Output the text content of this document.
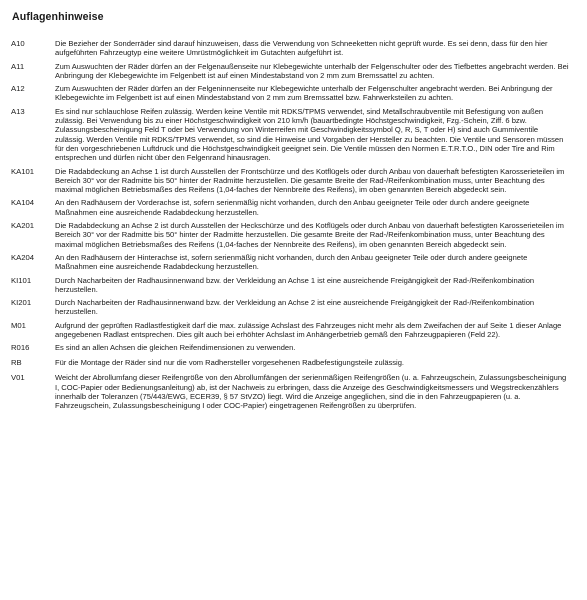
Auflagenhinweise
A10	Die Bezieher der Sonderräder sind darauf hinzuweisen, dass die Verwendung von Schneeketten nicht geprüft wurde. Es sei denn, dass für den hier aufgeführten Fahrzeugtyp eine weitere Umrüstmöglichkeit im Gutachten aufgeführt ist.
A11	Zum Auswuchten der Räder dürfen an der Felgenaußenseite nur Klebegewichte unterhalb der Felgenschulter oder des Tiefbettes angebracht werden. Bei Anbringung der Klebegewichte im Felgenbett ist auf einen Mindestabstand von 2 mm zum Bremssattel zu achten.
A12	Zum Auswuchten der Räder dürfen an der Felgeninnenseite nur Klebegewichte unterhalb der Felgenschulter angebracht werden. Bei Anbringung der Klebegewichte im Felgenbett ist auf einen Mindestabstand von 2 mm zum Bremssattel bzw. Fahrwerksteilen zu achten.
A13	Es sind nur schlauchlose Reifen zulässig. Werden keine Ventile mit RDKS/TPMS verwendet, sind Metallschraubventile mit Befestigung von außen zulässig. Bei Verwendung bis zu einer Höchstgeschwindigkeit von 210 km/h (bauartbedingte Höchstgeschwindigkeit, Fzg.-Schein, Ziff. 6 bzw. Zulassungsbescheinigung Feld T oder bei Verwendung von Winterreifen mit Geschwindigkeitssymbol Q, R, S, T oder H) sind auch Gummiventile zulässig. Werden Ventile mit RDKS/TPMS verwendet, so sind die Hinweise und Vorgaben der Hersteller zu beachten. Die Ventile und Sensoren müssen für den vorgeschriebenen Luftdruck und die Höchstgeschwindigkeit geeignet sein. Die Ventile müssen den Normen E.T.R.T.O., DIN oder Tire and Rim entsprechen und dürfen nicht über den Felgenrand hinausragen.
KA101	Die Radabdeckung an Achse 1 ist durch Ausstellen der Frontschürze und des Kotflügels oder durch Anbau von dauerhaft befestigten Karosserieteilen im Bereich 30° vor der Radmitte bis 50° hinter der Radmitte herzustellen. Die gesamte Breite der Rad-/Reifenkombination muss, unter Beachtung des maximal möglichen Betriebsmaßes des Reifens (1,04-faches der Nennbreite des Reifens), im oben genannten Bereich abgedeckt sein.
KA104	An den Radhäusern der Vorderachse ist, sofern serienmäßig nicht vorhanden, durch den Anbau geeigneter Teile oder durch andere geeignete Maßnahmen eine ausreichende Radabdeckung herzustellen.
KA201	Die Radabdeckung an Achse 2 ist durch Ausstellen der Heckschürze und des Kotflügels oder durch Anbau von dauerhaft befestigten Karosserieteilen im Bereich 30° vor der Radmitte bis 50° hinter der Radmitte herzustellen. Die gesamte Breite der Rad-/Reifenkombination muss, unter Beachtung des maximal möglichen Betriebsmaßes des Reifens (1,04-faches der Nennbreite des Reifens), im oben genannten Bereich abgedeckt sein.
KA204	An den Radhäusern der Hinterachse ist, sofern serienmäßig nicht vorhanden, durch den Anbau geeigneter Teile oder durch andere geeignete Maßnahmen eine ausreichende Radabdeckung herzustellen.
KI101	Durch Nacharbeiten der Radhausinnenwand bzw. der Verkleidung an Achse 1 ist eine ausreichende Freigängigkeit der Rad-/Reifenkombination herzustellen.
KI201	Durch Nacharbeiten der Radhausinnenwand bzw. der Verkleidung an Achse 2 ist eine ausreichende Freigängigkeit der Rad-/Reifenkombination herzustellen.
M01	Aufgrund der geprüften Radlastfestigkeit darf die max. zulässige Achslast des Fahrzeuges nicht mehr als dem Zweifachen der auf Seite 1 dieser Anlage angegebenen Radlast entsprechen. Dies gilt auch bei erhöhter Achslast im Anhängerbetrieb gemäß den Fahrzeugpapieren (Feld 22).
R016	Es sind an allen Achsen die gleichen Reifendimensionen zu verwenden.
RB	Für die Montage der Räder sind nur die vom Radhersteller vorgesehenen Radbefestigungsteile zulässig.
V01	Weicht der Abrollumfang dieser Reifengröße von den Abrollumfängen der serienmäßigen Reifengrößen (u. a. Fahrzeugschein, Zulassungsbescheinigung I, COC-Papier oder Bedienungsanleitung) ab, ist der Nachweis zu erbringen, dass die Anzeige des Geschwindigkeitsmessers und Wegstreckenzählers innerhalb der Toleranzen (75/443/EWG, ECER39, § 57 StVZO) liegt. Wird die Anzeige angeglichen, sind die in den Fahrzeugpapieren (u. a. Fahrzeugschein, Zulassungsbescheinigung I oder COC-Papier) eingetragenen Reifengrößen zu überprüfen.
